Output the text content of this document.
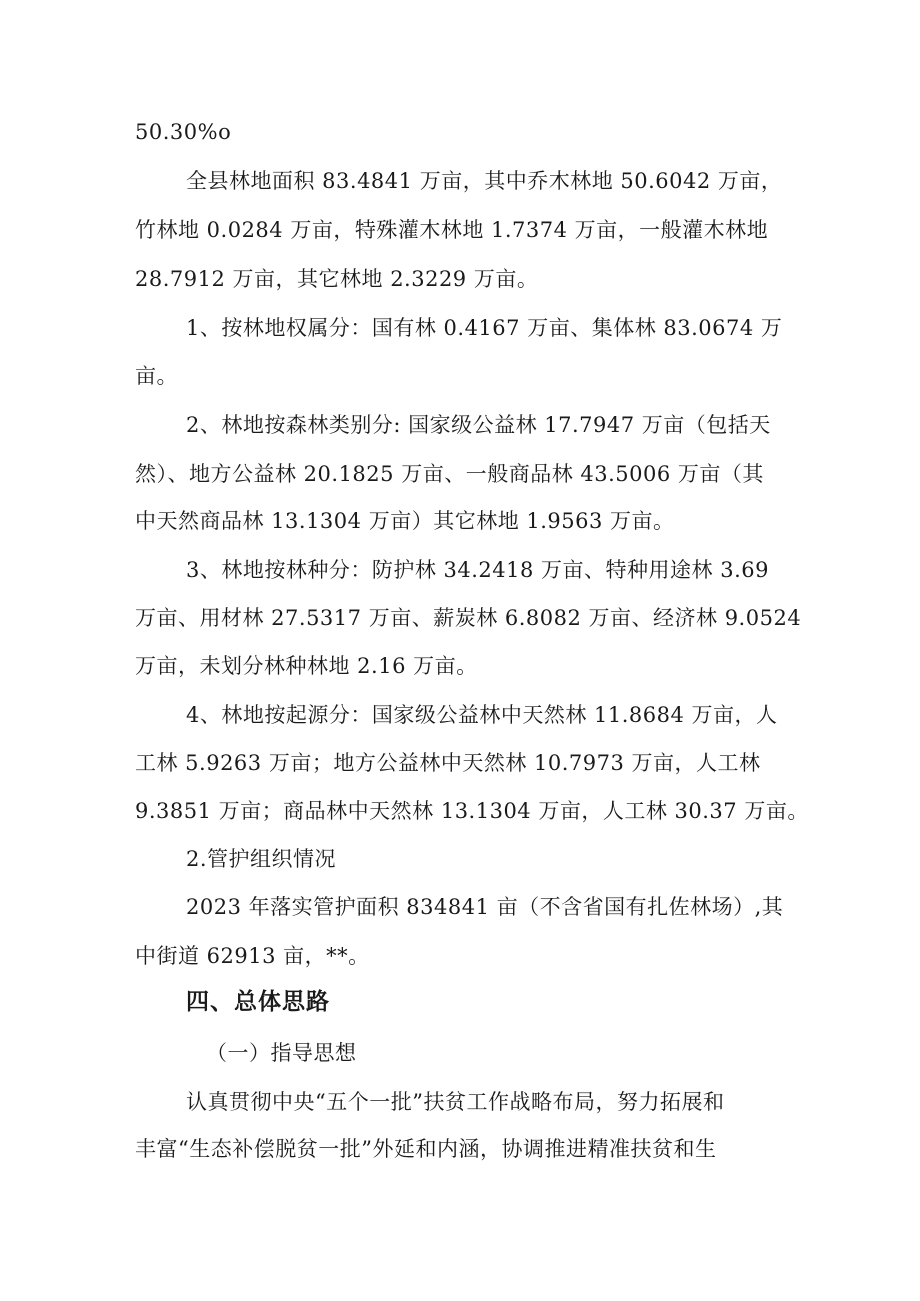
50.30%o
全县林地面积 83.4841 万亩，其中乔木林地 50.6042 万亩，
竹林地 0.0284 万亩，特殊灌木林地 1.7374 万亩，一般灌木林地
28.7912 万亩，其它林地 2.3229 万亩。
1、按林地权属分：国有林 0.4167 万亩、集体林 83.0674 万
亩。
2、林地按森林类别分: 国家级公益林 17.7947 万亩（包括天
然）、地方公益林 20.1825 万亩、一般商品林 43.5006 万亩（其
中天然商品林 13.1304 万亩）其它林地 1.9563 万亩。
3、林地按林种分：防护林 34.2418 万亩、特种用途林 3.69
万亩、用材林 27.5317 万亩、薪炭林 6.8082 万亩、经济林 9.0524
万亩，未划分林种林地 2.16 万亩。
4、林地按起源分：国家级公益林中天然林 11.8684 万亩，人
工林 5.9263 万亩；地方公益林中天然林 10.7973 万亩，人工林
9.3851 万亩；商品林中天然林 13.1304 万亩，人工林 30.37 万亩。
2.管护组织情况
2023 年落实管护面积 834841 亩（不含省国有扎佐林场）,其
中街道 62913 亩，**。
四、总体思路
（一）指导思想
认真贯彻中央“五个一批”扶贫工作战略布局，努力拓展和
丰富“生态补偿脱贫一批”外延和内涵，协调推进精准扶贫和生
